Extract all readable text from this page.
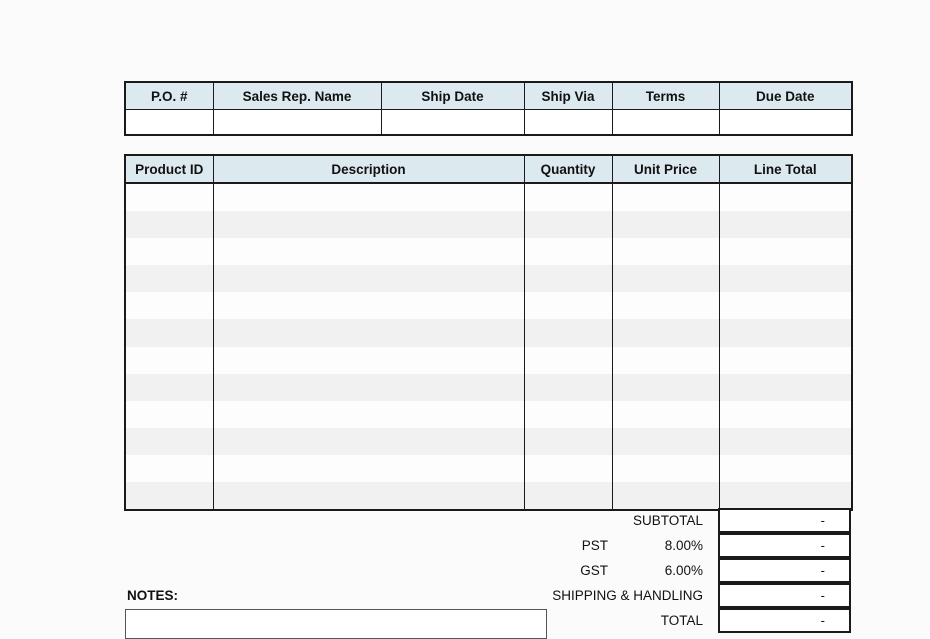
P.O. #	Sales Rep. Name	Ship Date	Ship Via	Terms	Due Date

Product ID	Description	Quantity	Unit Price	Line Total

SUBTOTAL	-
PST	8.00%	-
GST	6.00%	-
SHIPPING & HANDLING	-
TOTAL	-
NOTES:
